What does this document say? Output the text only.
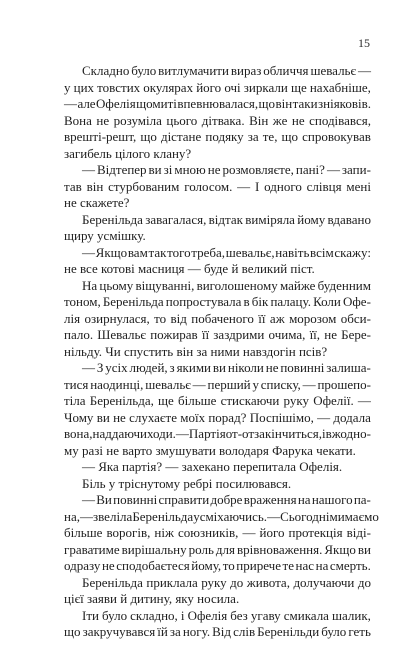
15
Складно було витлумачити вираз обличчя шевальє —
у цих товстих окулярах його очі зиркали ще нахабніше,
— але Офелія щомиті впевнювалася, що він таки зніяковів.
Вона не розуміла цього дітвака. Він же не сподівався,
врешті-решт, що дістане подяку за те, що спровокував
загибель цілого клану?
— Відтепер ви зі мною не розмовляєте, пані? — запи-
тав він стурбованим голосом. — І одного слівця мені
не скажете?
Беренільда завагалася, відтак виміряла йому вдавано
щиру усмішку.
— Якщо вам так того треба, шевальє, навіть всім скажу:
не все котові масниця — буде й великий піст.
На цьому віщуванні, виголошеному майже буденним
тоном, Беренільда попростувала в бік палацу. Коли Офе-
лія озирнулася, то від побаченого її аж морозом обси-
пало. Шевальє пожирав її заздрими очима, її, не Бере-
нільду. Чи спустить він за ними навздогін псів?
— З усіх людей, з якими ви ніколи не повинні залиша-
тися наодинці, шевальє — перший у списку, — прошепо-
тіла Беренільда, ще більше стискаючи руку Офелії. —
Чому ви не слухаєте моїх порад? Поспішімо, — додала
вона, наддаючи ходи. — Партія от-от закінчиться, і в жодно-
му разі не варто змушувати володаря Фарука чекати.
— Яка партія? — захекано перепитала Офелія.
Біль у тріснутому ребрі посилювався.
— Ви повинні справити добре враження на нашого па-
на, — звеліла Беренільда усміхаючись. — Сьогодні ми маємо
більше ворогів, ніж союзників, — його протекція віді-
граватиме вирішальну роль для врівноваження. Якщо ви
одразу не сподобаєтеся йому, то прирече те нас на смерть.
Беренільда приклала руку до живота, долучаючи до
цієї заяви й дитину, яку носила.
Іти було складно, і Офелія без угаву смикала шалик,
що закручувався їй за ногу. Від слів Беренільди було геть
